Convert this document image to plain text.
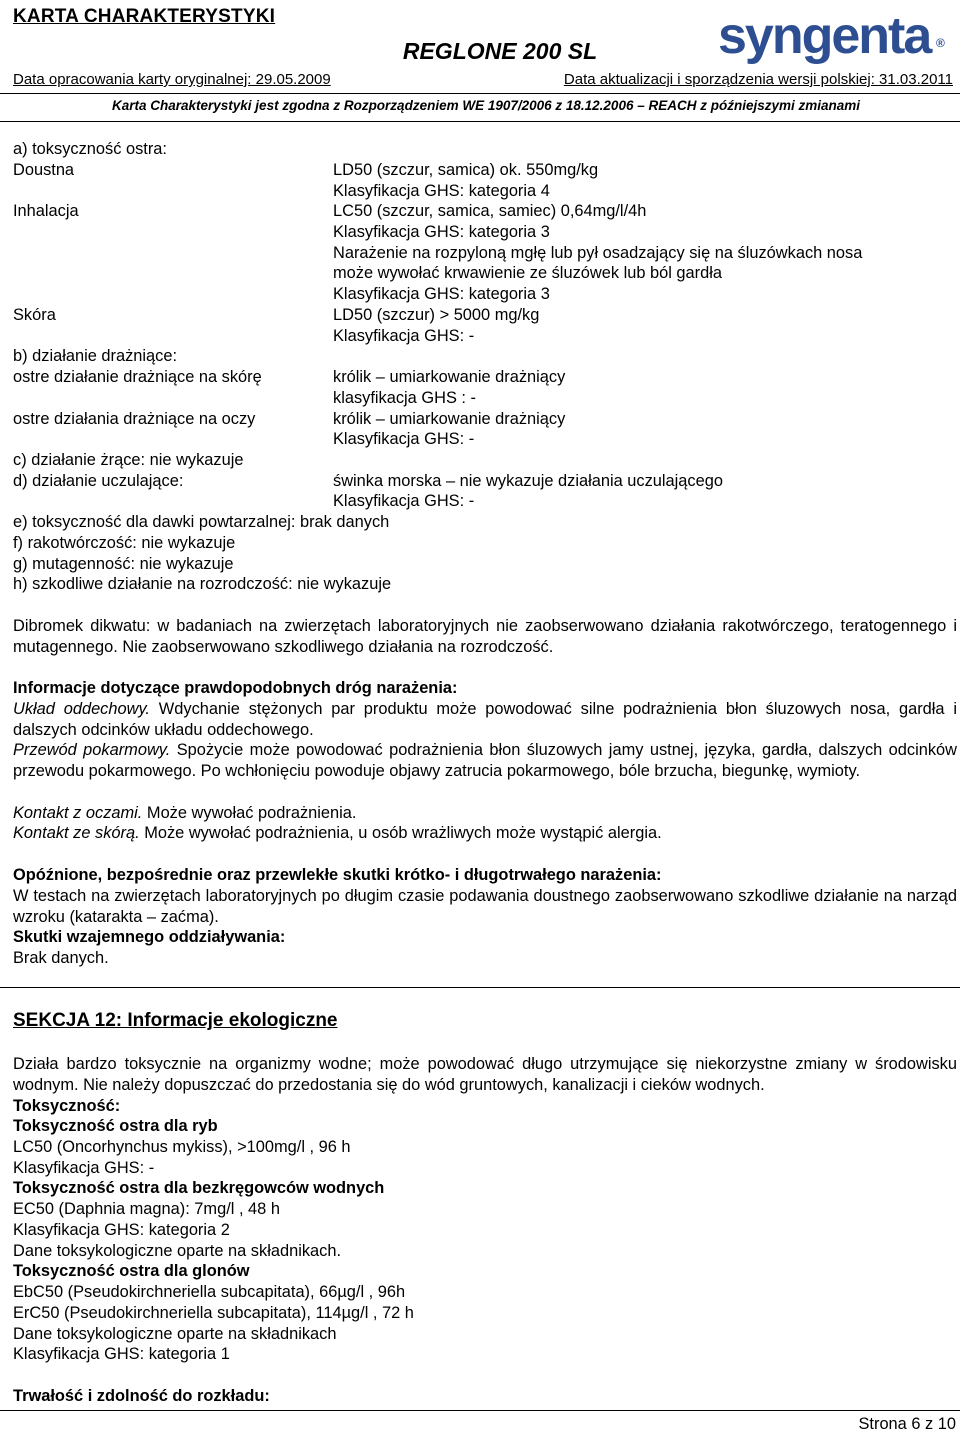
KARTA CHARAKTERYSTYKI
REGLONE 200 SL	syngenta ®
Data opracowania karty oryginalnej: 29.05.2009	Data aktualizacji i sporządzenia wersji polskiej: 31.03.2011
Karta Charakterystyki jest zgodna z Rozporządzeniem WE 1907/2006 z 18.12.2006 – REACH z późniejszymi zmianami
a) toksyczność ostra:
Doustna	LD50 (szczur, samica) ok. 550mg/kg
Klasyfikacja GHS: kategoria 4
Inhalacja	LC50 (szczur, samica, samiec) 0,64mg/l/4h
Klasyfikacja GHS: kategoria 3
Narażenie na rozpyloną mgłę lub pył osadzający się na śluzówkach nosa
może wywołać krwawienie ze śluzówek lub ból gardła
Klasyfikacja GHS: kategoria 3
Skóra	LD50 (szczur) > 5000 mg/kg
Klasyfikacja GHS: -
b) działanie drażniące:
ostre działanie drażniące na skórę	królik – umiarkowanie drażniący
klasyfikacja GHS : -
ostre działania drażniące na oczy	królik – umiarkowanie drażniący
Klasyfikacja GHS: -
c) działanie żrące: nie wykazuje
d) działanie uczulające:	świnka morska – nie wykazuje działania uczulającego
Klasyfikacja GHS: -
e) toksyczność dla dawki powtarzalnej: brak danych
f) rakotwórczość: nie wykazuje
g) mutagenność: nie wykazuje
h) szkodliwe działanie na rozrodczość: nie wykazuje
Dibromek dikwatu: w badaniach na zwierzętach laboratoryjnych nie zaobserwowano działania rakotwórczego, teratogennego i mutagennego. Nie zaobserwowano szkodliwego działania na rozrodczość.
Informacje dotyczące prawdopodobnych dróg narażenia:
Układ oddechowy. Wdychanie stężonych par produktu może powodować silne podrażnienia błon śluzowych nosa, gardła i dalszych odcinków układu oddechowego.
Przewód pokarmowy. Spożycie może powodować podrażnienia błon śluzowych jamy ustnej, języka, gardła, dalszych odcinków przewodu pokarmowego. Po wchłonięciu powoduje objawy zatrucia pokarmowego, bóle brzucha, biegunkę, wymioty.
Kontakt z oczami. Może wywołać podrażnienia.
Kontakt ze skórą. Może wywołać podrażnienia, u osób wrażliwych może wystąpić alergia.
Opóźnione, bezpośrednie oraz przewlekłe skutki krótko- i długotrwałego narażenia:
W testach na zwierzętach laboratoryjnych po długim czasie podawania doustnego zaobserwowano szkodliwe działanie na narząd wzroku (katarakta – zaćma).
Skutki wzajemnego oddziaływania:
Brak danych.
SEKCJA 12: Informacje ekologiczne
Działa bardzo toksycznie na organizmy wodne; może powodować długo utrzymujące się niekorzystne zmiany w środowisku wodnym. Nie należy dopuszczać do przedostania się do wód gruntowych, kanalizacji i cieków wodnych.
Toksyczność:
Toksyczność ostra dla ryb
LC50 (Oncorhynchus mykiss), >100mg/l , 96 h
Klasyfikacja GHS: -
Toksyczność ostra dla bezkręgowców wodnych
EC50 (Daphnia magna): 7mg/l , 48 h
Klasyfikacja GHS: kategoria 2
Dane toksykologiczne oparte na składnikach.
Toksyczność ostra dla glonów
EbC50 (Pseudokirchneriella subcapitata), 66µg/l , 96h
ErC50 (Pseudokirchneriella subcapitata), 114µg/l , 72 h
Dane toksykologiczne oparte na składnikach
Klasyfikacja GHS: kategoria 1
Trwałość i zdolność do rozkładu:
Strona 6 z 10
